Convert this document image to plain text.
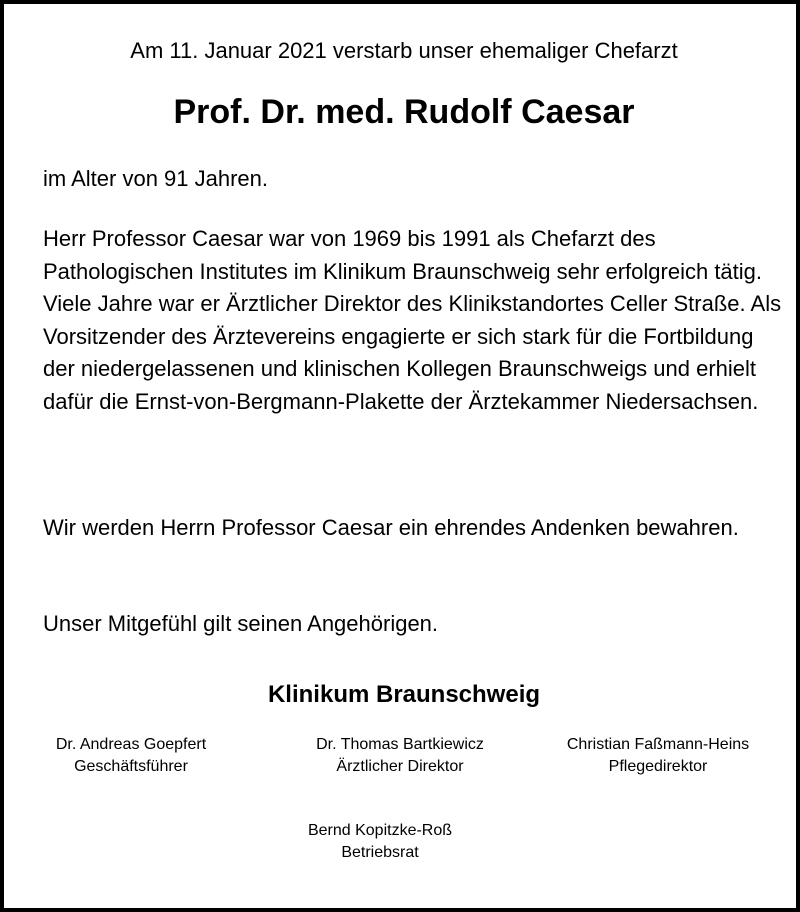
Am 11. Januar 2021 verstarb unser ehemaliger Chefarzt
Prof. Dr. med. Rudolf Caesar
im Alter von 91 Jahren.
Herr Professor Caesar war von 1969 bis 1991 als Chefarzt des Pathologischen Institutes im Klinikum Braunschweig sehr erfolgreich tätig. Viele Jahre war er Ärztlicher Direktor des Klinikstandortes Celler Straße. Als Vorsitzender des Ärztevereins engagierte er sich stark für die Fortbildung der niedergelassenen und klinischen Kollegen Braunschweigs und erhielt dafür die Ernst-von-Bergmann-Plakette der Ärztekammer Niedersachsen.
Wir werden Herrn Professor Caesar ein ehrendes Andenken bewahren.
Unser Mitgefühl gilt seinen Angehörigen.
Klinikum Braunschweig
Dr. Andreas Goepfert
Geschäftsführer
Dr. Thomas Bartkiewicz
Ärztlicher Direktor
Christian Faßmann-Heins
Pflegedirektor
Bernd Kopitzke-Roß
Betriebsrat
